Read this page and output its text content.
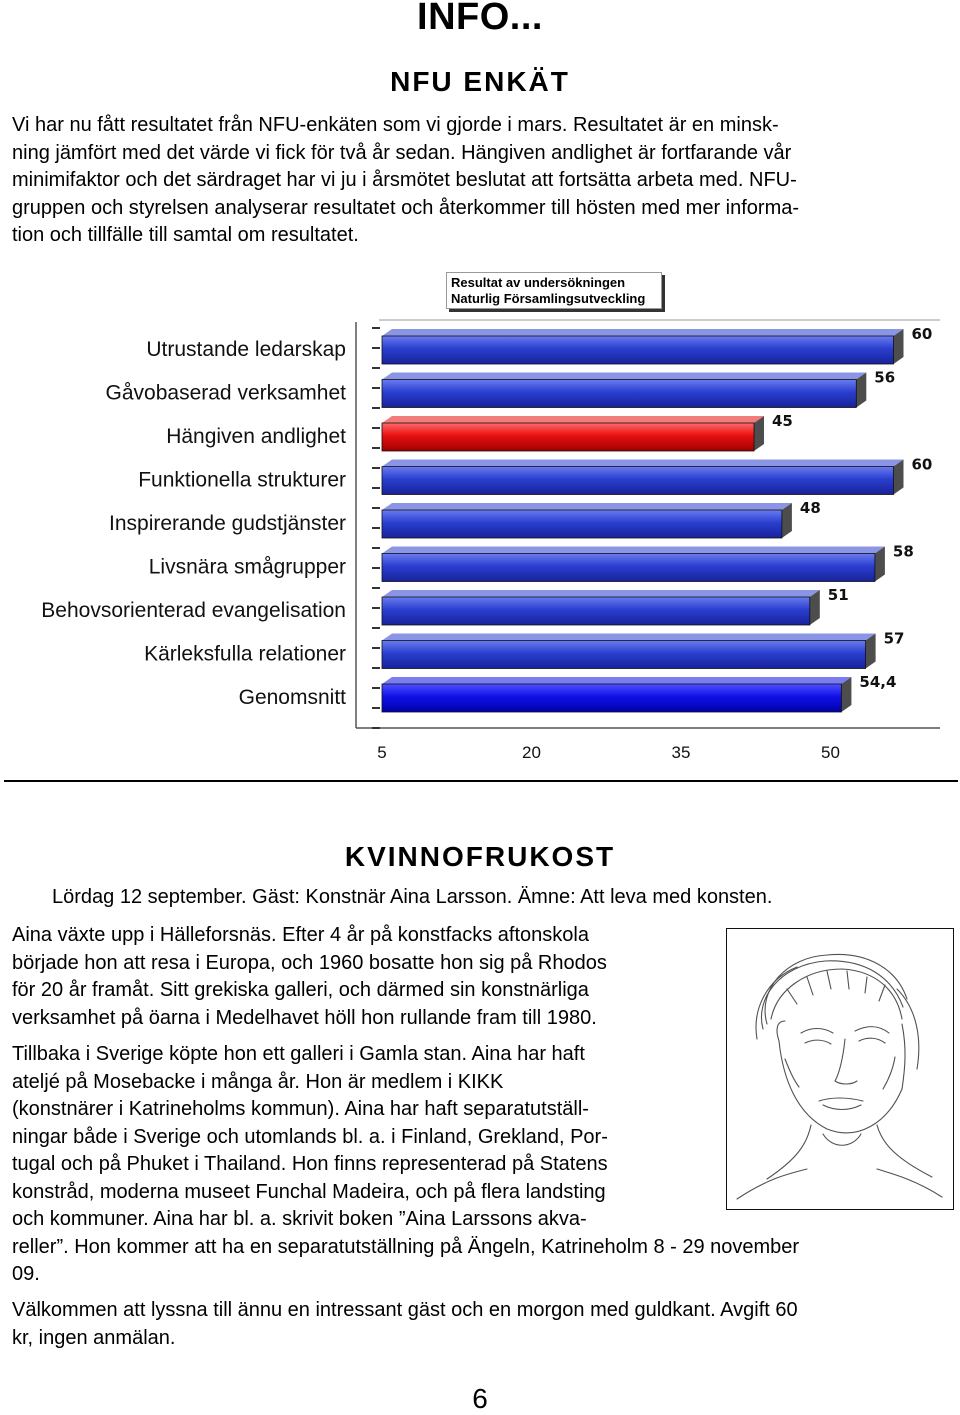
INFO...
NFU ENKÄT
Vi har nu fått resultatet från NFU-enkäten som vi gjorde i mars. Resultatet är en minsk-
ning jämfört med det värde vi fick för två år sedan. Hängiven andlighet är fortfarande vår
minimifaktor och det särdraget har vi ju i årsmötet beslutat att fortsätta arbeta med. NFU-
gruppen och styrelsen analyserar resultatet och återkommer till hösten med mer informa-
tion och tillfälle till samtal om resultatet.
Resultat av undersökningen
Naturlig Församlingsutveckling
Utrustande ledarskap
60
Gåvobaserad verksamhet
56
Hängiven andlighet
45
Funktionella strukturer
60
Inspirerande gudstjänster
48
Livsnära smågrupper
58
Behovsorienterad evangelisation
51
Kärleksfulla relationer
57
Genomsnitt
54,4
5	20	35	50
KVINNOFRUKOST
Lördag 12 september. Gäst: Konstnär Aina Larsson. Ämne: Att leva med konsten.
Aina växte upp i Hälleforsnäs. Efter 4 år på konstfacks aftonskola
började hon att resa i Europa, och 1960 bosatte hon sig på Rhodos
för 20 år framåt. Sitt grekiska galleri, och därmed sin konstnärliga
verksamhet på öarna i Medelhavet höll hon rullande fram till 1980.
Tillbaka i Sverige köpte hon ett galleri i Gamla stan. Aina har haft
ateljé på Mosebacke i många år. Hon är medlem i KIKK
(konstnärer i Katrineholms kommun). Aina har haft separatutställ-
ningar både i Sverige och utomlands bl. a. i Finland, Grekland, Por-
tugal och på Phuket i Thailand. Hon finns representerad på Statens
konstråd, moderna museet Funchal Madeira, och på flera landsting
och kommuner. Aina har bl. a. skrivit boken ”Aina Larssons akva-
reller”. Hon kommer att ha en separatutställning på Ängeln, Katrineholm 8 - 29 november
09.
Välkommen att lyssna till ännu en intressant gäst och en morgon med guldkant. Avgift 60
kr, ingen anmälan.
6
